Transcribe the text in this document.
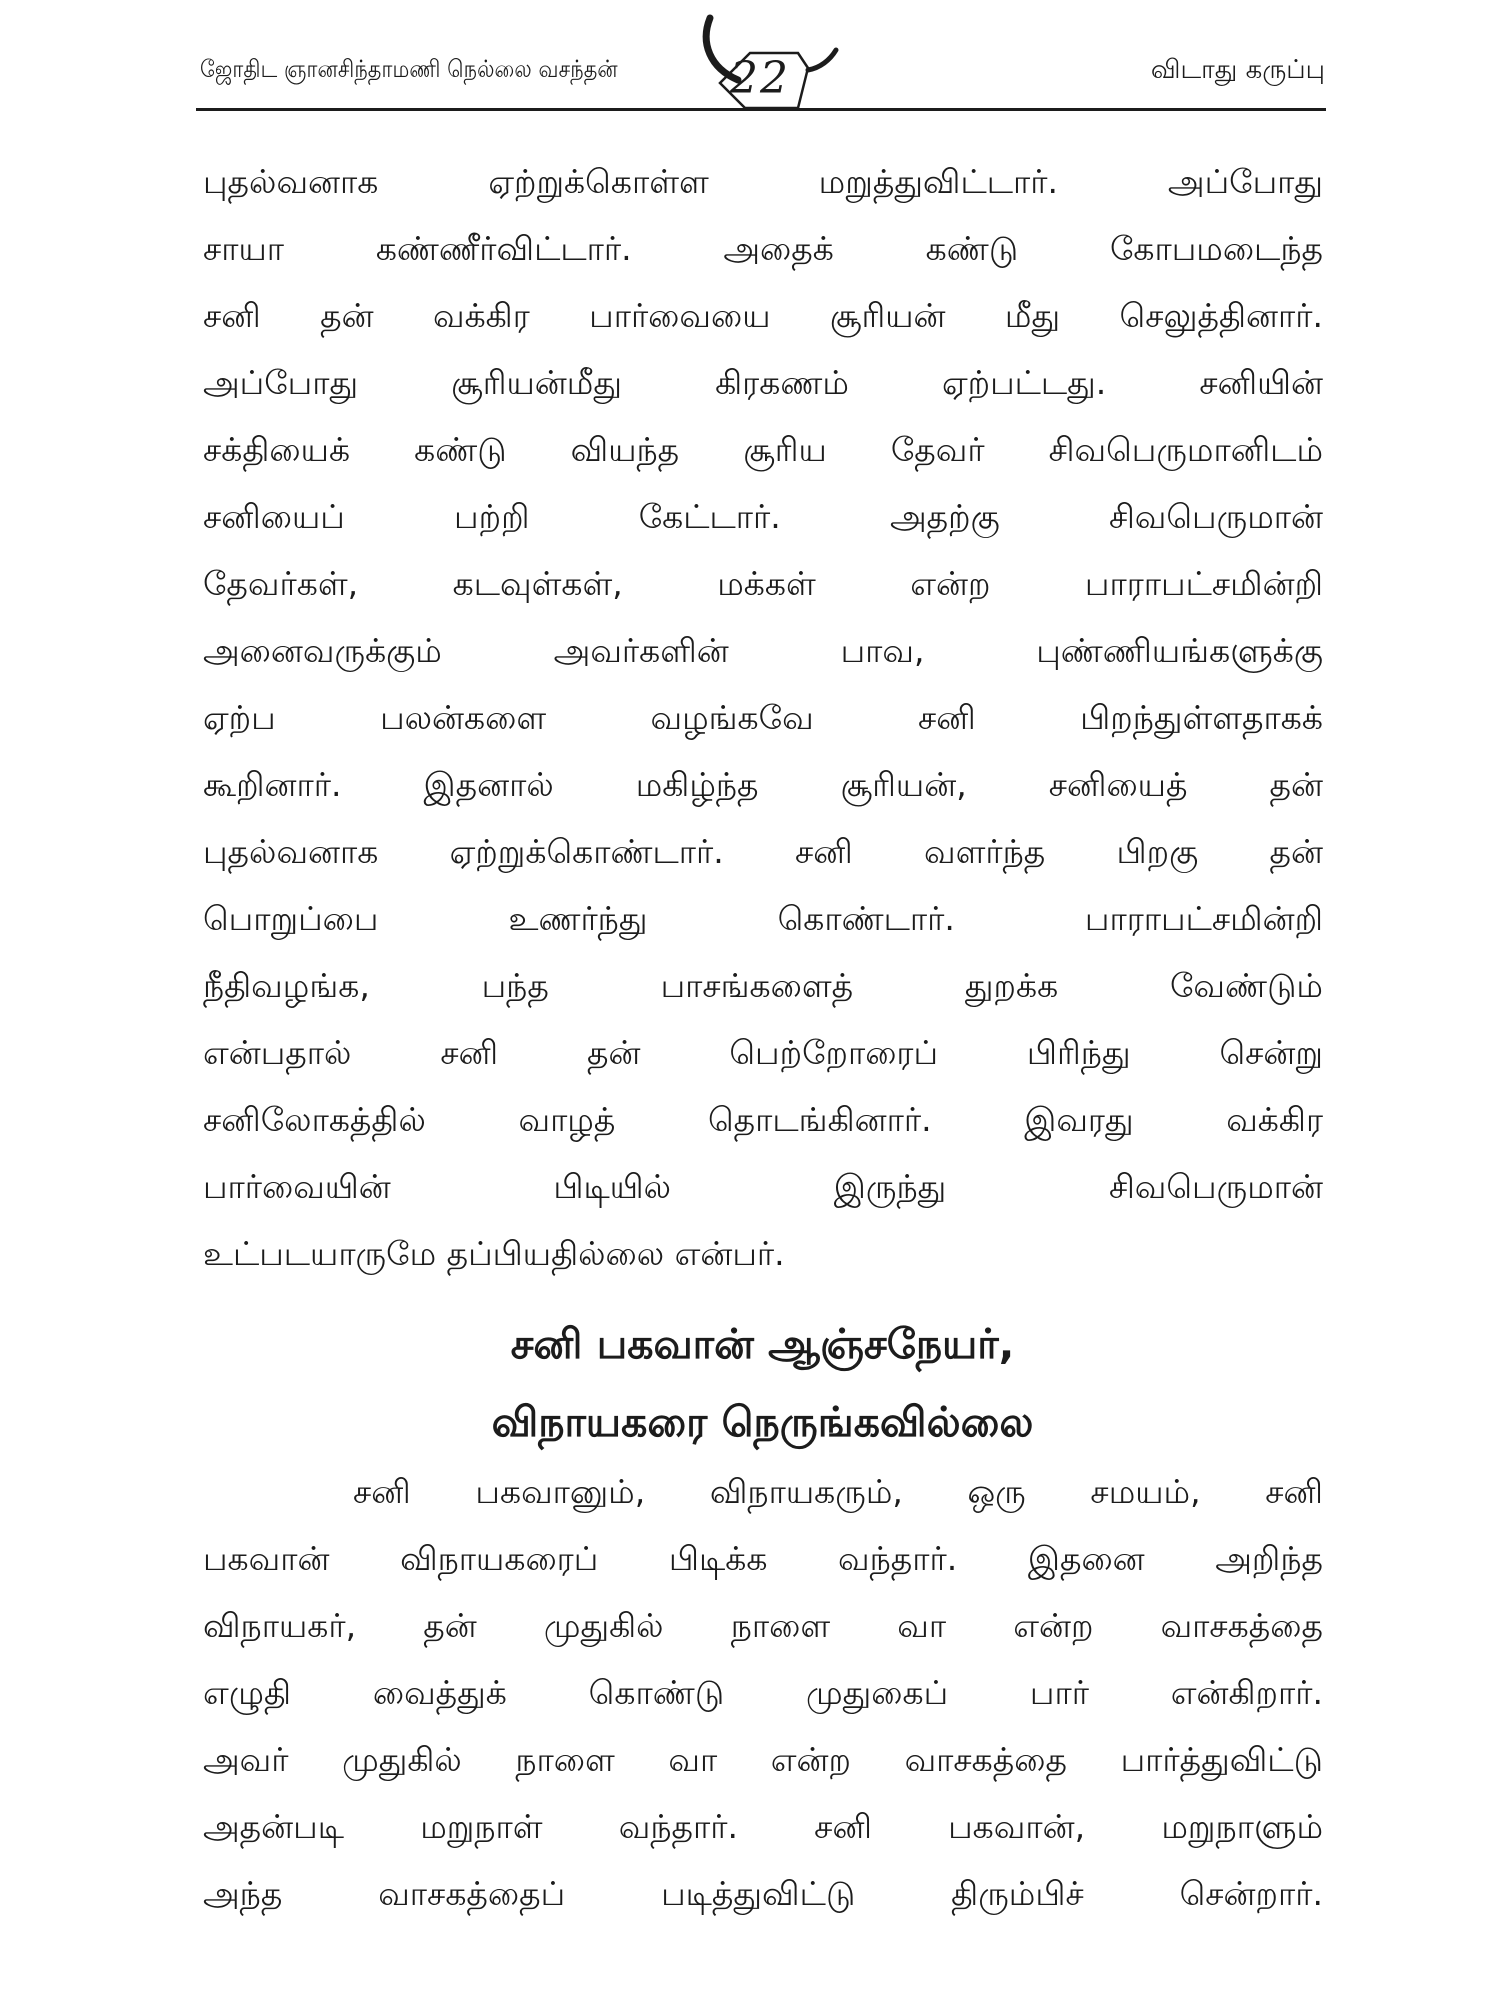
ஜோதிட ஞானசிந்தாமணி நெல்லை வசந்தன்	22	விடாது கருப்பு
புதல்வனாக ஏற்றுக்கொள்ள மறுத்துவிட்டார். அப்போது
சாயா கண்ணீர்விட்டார். அதைக் கண்டு கோபமடைந்த
சனி தன் வக்கிர பார்வையை சூரியன் மீது செலுத்தினார்.
அப்போது சூரியன்மீது கிரகணம் ஏற்பட்டது. சனியின்
சக்தியைக் கண்டு வியந்த சூரிய தேவர் சிவபெருமானிடம்
சனியைப் பற்றி கேட்டார். அதற்கு சிவபெருமான்
தேவர்கள், கடவுள்கள், மக்கள் என்ற பாராபட்சமின்றி
அனைவருக்கும் அவர்களின் பாவ, புண்ணியங்களுக்கு
ஏற்ப பலன்களை வழங்கவே சனி பிறந்துள்ளதாகக்
கூறினார். இதனால் மகிழ்ந்த சூரியன், சனியைத் தன்
புதல்வனாக ஏற்றுக்கொண்டார். சனி வளர்ந்த பிறகு தன்
பொறுப்பை உணர்ந்து கொண்டார். பாராபட்சமின்றி
நீதிவழங்க, பந்த பாசங்களைத் துறக்க வேண்டும்
என்பதால் சனி தன் பெற்றோரைப் பிரிந்து சென்று
சனிலோகத்தில் வாழத் தொடங்கினார். இவரது வக்கிர
பார்வையின் பிடியில் இருந்து சிவபெருமான்
உட்படயாருமே தப்பியதில்லை என்பர்.
சனி பகவான் ஆஞ்சநேயர்,
விநாயகரை நெருங்கவில்லை
சனி பகவானும், விநாயகரும், ஒரு சமயம், சனி
பகவான் விநாயகரைப் பிடிக்க வந்தார். இதனை அறிந்த
விநாயகர், தன் முதுகில் நாளை வா என்ற வாசகத்தை
எழுதி வைத்துக் கொண்டு முதுகைப் பார் என்கிறார்.
அவர் முதுகில் நாளை வா என்ற வாசகத்தை பார்த்துவிட்டு
அதன்படி மறுநாள் வந்தார். சனி பகவான், மறுநாளும்
அந்த வாசகத்தைப் படித்துவிட்டு திரும்பிச் சென்றார்.
